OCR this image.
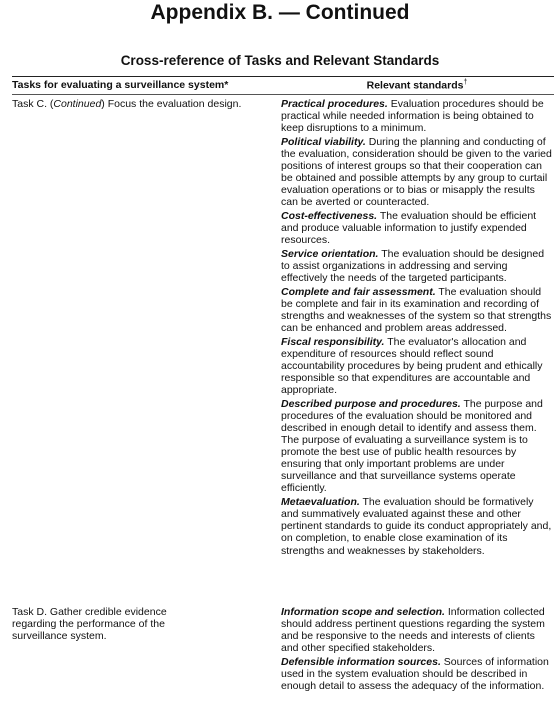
Appendix B. — Continued
Cross-reference of Tasks and Relevant Standards
Tasks for evaluating a surveillance system*	Relevant standards†
Task C. (Continued) Focus the evaluation design.	Practical procedures. Evaluation procedures should be practical while needed information is being obtained to keep disruptions to a minimum.
Political viability. During the planning and conducting of the evaluation, consideration should be given to the varied positions of interest groups so that their cooperation can be obtained and possible attempts by any group to curtail evaluation operations or to bias or misapply the results can be averted or counteracted.
Cost-effectiveness. The evaluation should be efficient and produce valuable information to justify expended resources.
Service orientation. The evaluation should be designed to assist organizations in addressing and serving effectively the needs of the targeted participants.
Complete and fair assessment. The evaluation should be complete and fair in its examination and recording of strengths and weaknesses of the system so that strengths can be enhanced and problem areas addressed.
Fiscal responsibility. The evaluator's allocation and expenditure of resources should reflect sound accountability procedures by being prudent and ethically responsible so that expenditures are accountable and appropriate.
Described purpose and procedures. The purpose and procedures of the evaluation should be monitored and described in enough detail to identify and assess them. The purpose of evaluating a surveillance system is to promote the best use of public health resources by ensuring that only important problems are under surveillance and that surveillance systems operate efficiently.
Metaevaluation. The evaluation should be formatively and summatively evaluated against these and other pertinent standards to guide its conduct appropriately and, on completion, to enable close examination of its strengths and weaknesses by stakeholders.
Task D. Gather credible evidence regarding the performance of the surveillance system.
Information scope and selection. Information collected should address pertinent questions regarding the system and be responsive to the needs and interests of clients and other specified stakeholders.
Defensible information sources. Sources of information used in the system evaluation should be described in enough detail to assess the adequacy of the information.
